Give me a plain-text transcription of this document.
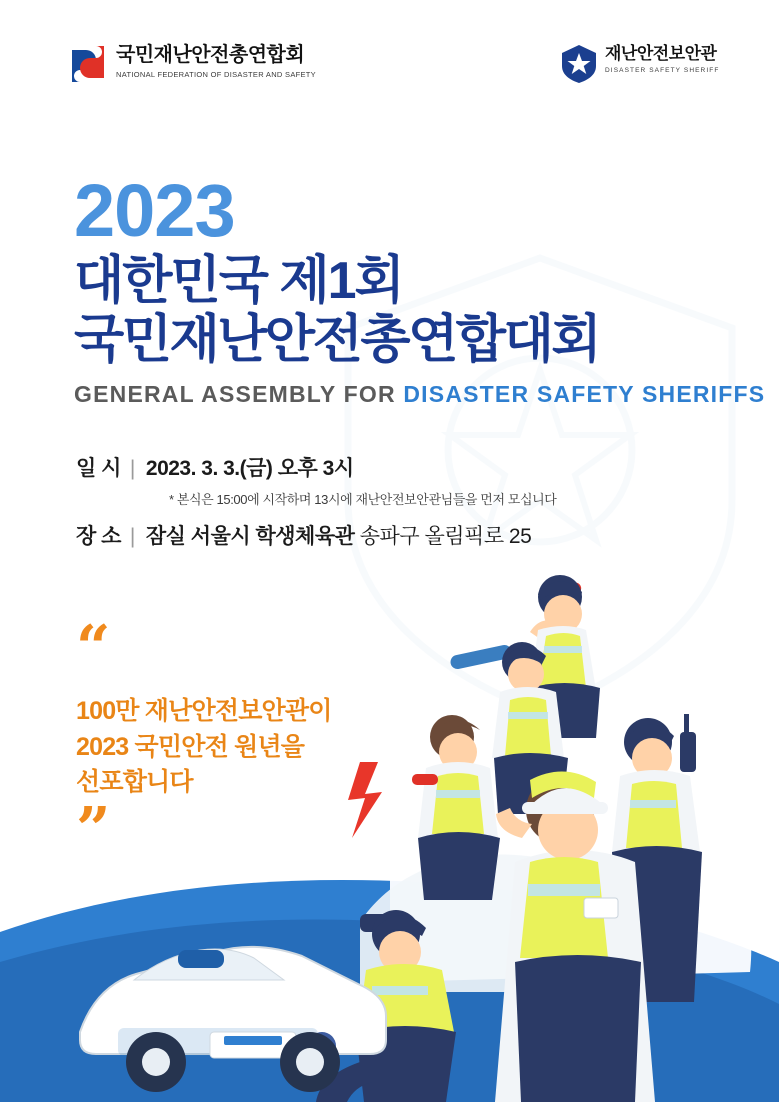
국민재난안전총연합회
NATIONAL FEDERATION OF DISASTER AND SAFETY
재난안전보안관
DISASTER SAFETY SHERIFF
2023
대한민국 제1회
국민재난안전총연합대회
GENERAL ASSEMBLY FOR DISASTER SAFETY SHERIFFS
일 시 | 2023. 3. 3.(금) 오후 3시
* 본식은 15:00에 시작하며 13시에 재난안전보안관님들을 먼저 모십니다
장 소 | 잠실 서울시 학생체육관 송파구 올림픽로 25
“
100만 재난안전보안관이
2023 국민안전 원년을
선포합니다
”
